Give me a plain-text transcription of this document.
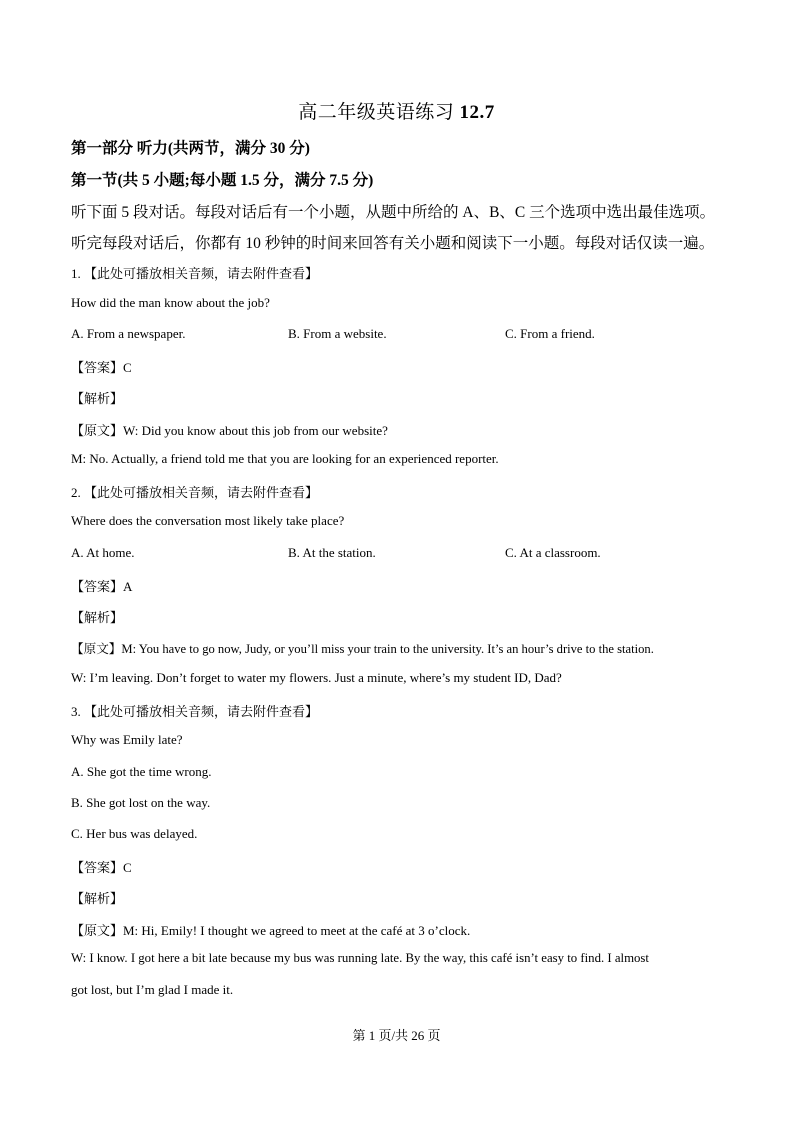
高二年级英语练习 12.7
第一部分 听力(共两节，满分 30 分)
第一节(共 5 小题;每小题 1.5 分，满分 7.5 分)
听下面 5 段对话。每段对话后有一个小题，从题中所给的 A、B、C 三个选项中选出最佳选项。
听完每段对话后，你都有 10 秒钟的时间来回答有关小题和阅读下一小题。每段对话仅读一遍。
1. 【此处可播放相关音频，请去附件查看】
How did the man know about the job?
A. From a newspaper.	B. From a website.	C. From a friend.
【答案】C
【解析】
【原文】W: Did you know about this job from our website?
M: No. Actually, a friend told me that you are looking for an experienced reporter.
2. 【此处可播放相关音频，请去附件查看】
Where does the conversation most likely take place?
A. At home.	B. At the station.	C. At a classroom.
【答案】A
【解析】
【原文】M: You have to go now, Judy, or you’ll miss your train to the university. It’s an hour’s drive to the station.
W: I’m leaving. Don’t forget to water my flowers. Just a minute, where’s my student ID, Dad?
3. 【此处可播放相关音频，请去附件查看】
Why was Emily late?
A. She got the time wrong.
B. She got lost on the way.
C. Her bus was delayed.
【答案】C
【解析】
【原文】M: Hi, Emily! I thought we agreed to meet at the café at 3 o’clock.
W: I know. I got here a bit late because my bus was running late. By the way, this café isn’t easy to find. I almost
got lost, but I’m glad I made it.
第 1 页/共 26 页
